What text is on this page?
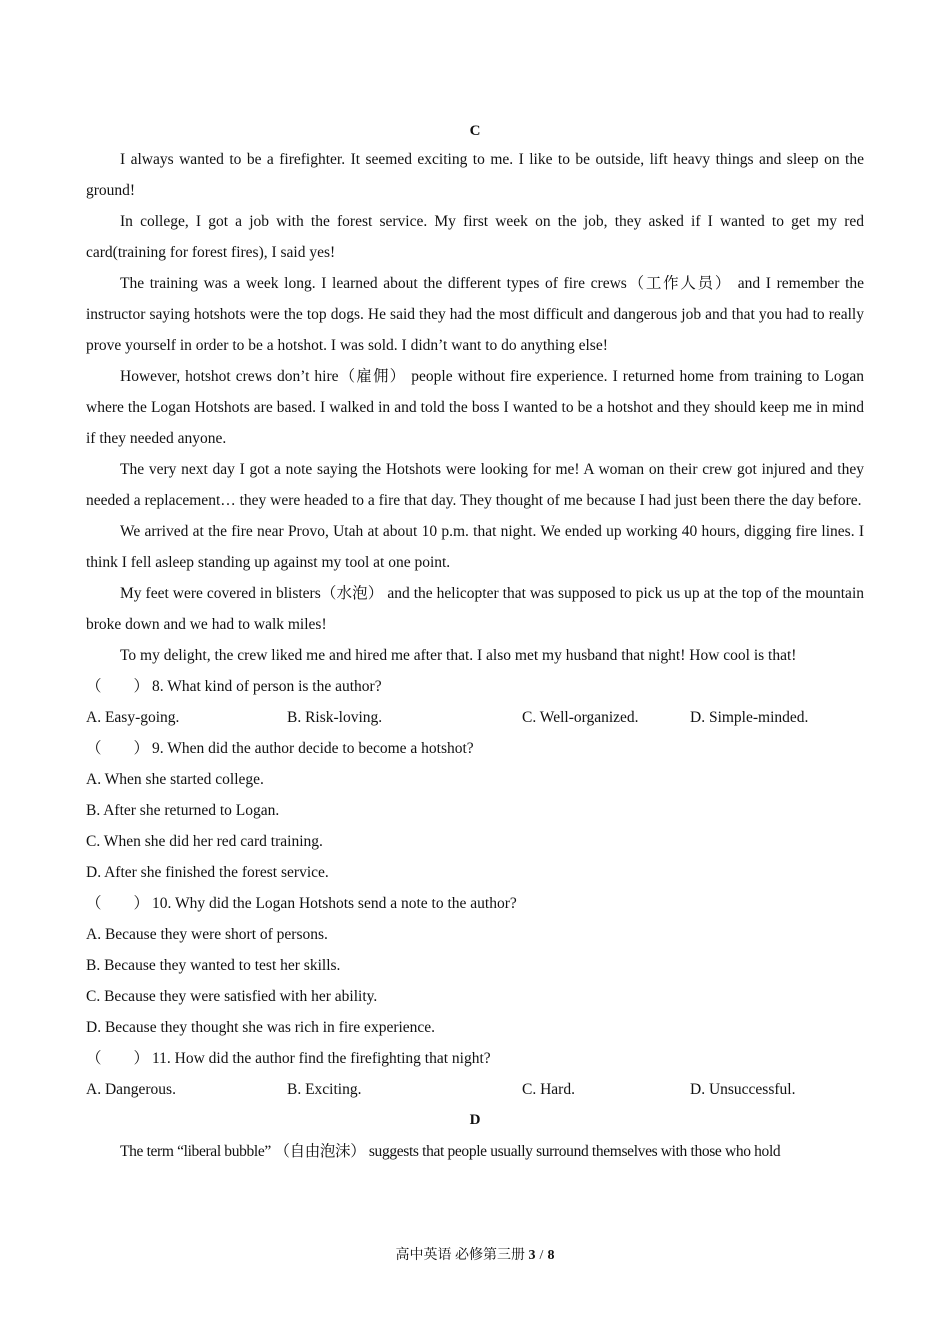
C

I always wanted to be a firefighter. It seemed exciting to me. I like to be outside, lift heavy things and sleep on the ground!

In college, I got a job with the forest service. My first week on the job, they asked if I wanted to get my red card(training for forest fires), I said yes!

The training was a week long. I learned about the different types of fire crews（工作人员） and I remember the instructor saying hotshots were the top dogs. He said they had the most difficult and dangerous job and that you had to really prove yourself in order to be a hotshot. I was sold. I didn’t want to do anything else!

However, hotshot crews don’t hire（雇佣） people without fire experience. I returned home from training to Logan where the Logan Hotshots are based. I walked in and told the boss I wanted to be a hotshot and they should keep me in mind if they needed anyone.

The very next day I got a note saying the Hotshots were looking for me! A woman on their crew got injured and they needed a replacement… they were headed to a fire that day. They thought of me because I had just been there the day before.

We arrived at the fire near Provo, Utah at about 10 p.m. that night. We ended up working 40 hours, digging fire lines. I think I fell asleep standing up against my tool at one point.

My feet were covered in blisters（水泡） and the helicopter that was supposed to pick us up at the top of the mountain broke down and we had to walk miles!

To my delight, the crew liked me and hired me after that. I also met my husband that night! How cool is that!

（ ） 8. What kind of person is the author?

A. Easy-going.	B. Risk-loving.	C. Well-organized.	D. Simple-minded.

（ ） 9. When did the author decide to become a hotshot?

A. When she started college.

B. After she returned to Logan.

C. When she did her red card training.

D. After she finished the forest service.

（ ） 10. Why did the Logan Hotshots send a note to the author?

A. Because they were short of persons.

B. Because they wanted to test her skills.

C. Because they were satisfied with her ability.

D. Because they thought she was rich in fire experience.

（ ） 11. How did the author find the firefighting that night?

A. Dangerous.	B. Exciting.	C. Hard.	D. Unsuccessful.
D

The term “liberal bubble” （自由泡沫） suggests that people usually surround themselves with those who hold

高中英语 必修第三册 3 / 8
